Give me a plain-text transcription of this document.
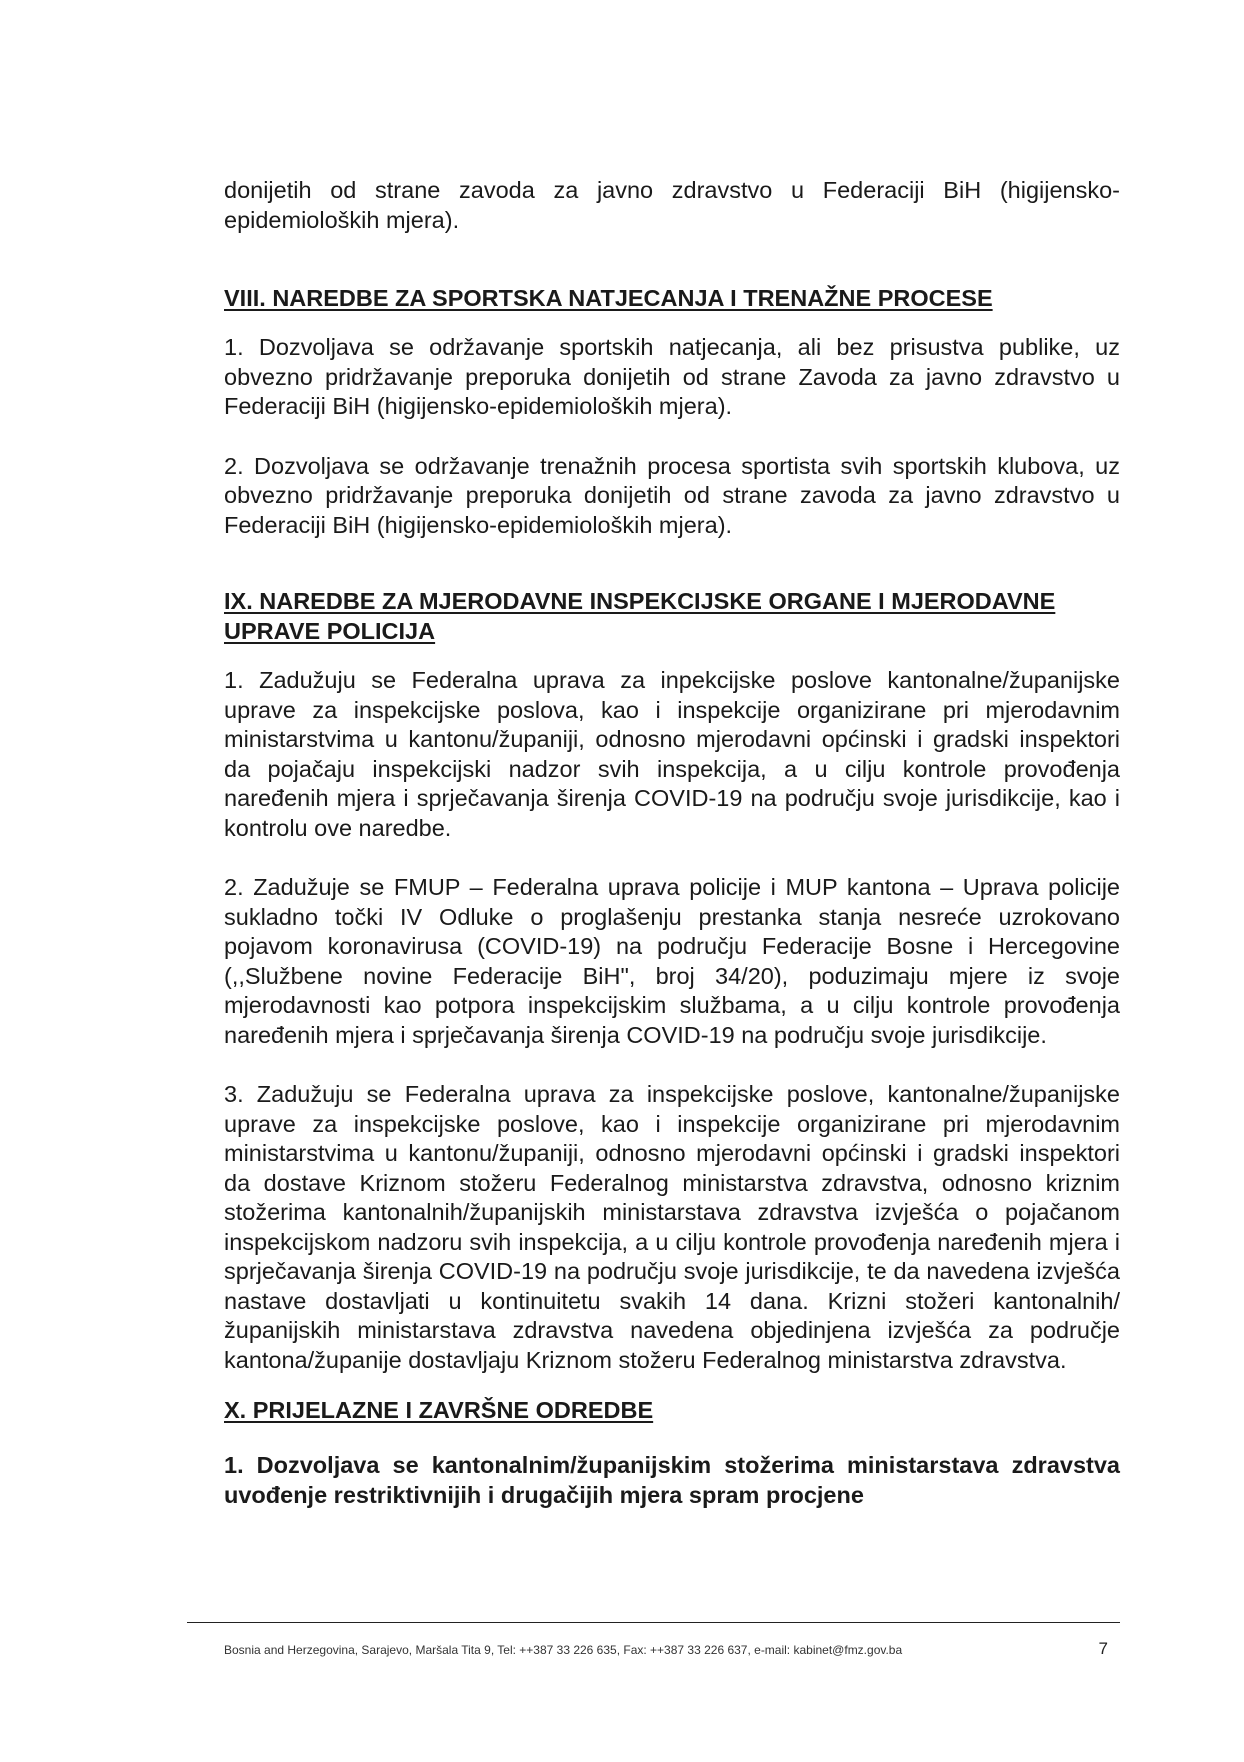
donijetih od strane zavoda za javno zdravstvo u Federaciji BiH (higijensko-epidemioloških mjera).

VIII. NAREDBE ZA SPORTSKA NATJECANJA I TRENAŽNE PROCESE

1. Dozvoljava se održavanje sportskih natjecanja, ali bez prisustva publike, uz obvezno pridržavanje preporuka donijetih od strane Zavoda za javno zdravstvo u Federaciji BiH (higijensko-epidemioloških mjera).

2. Dozvoljava se održavanje trenažnih procesa sportista svih sportskih klubova, uz obvezno pridržavanje preporuka donijetih od strane zavoda za javno zdravstvo u Federaciji BiH (higijensko-epidemioloških mjera).

IX. NAREDBE ZA MJERODAVNE INSPEKCIJSKE ORGANE I MJERODAVNE UPRAVE POLICIJA

1. Zadužuju se Federalna uprava za inpekcijske poslove kantonalne/županijske uprave za inspekcijske poslova, kao i inspekcije organizirane pri mjerodavnim ministarstvima u kantonu/županiji, odnosno mjerodavni općinski i gradski inspektori da pojačaju inspekcijski nadzor svih inspekcija, a u cilju kontrole provođenja naređenih mjera i sprječavanja širenja COVID-19 na području svoje jurisdikcije, kao i kontrolu ove naredbe.

2. Zadužuje se FMUP – Federalna uprava policije i MUP kantona – Uprava policije sukladno točki IV Odluke o proglašenju prestanka stanja nesreće uzrokovano pojavom koronavirusa (COVID-19) na području Federacije Bosne i Hercegovine (,,Službene novine Federacije BiH", broj 34/20), poduzimaju mjere iz svoje mjerodavnosti kao potpora inspekcijskim službama, a u cilju kontrole provođenja naređenih mjera i sprječavanja širenja COVID-19 na području svoje jurisdikcije.

3. Zadužuju se Federalna uprava za inspekcijske poslove, kantonalne/županijske uprave za inspekcijske poslove, kao i inspekcije organizirane pri mjerodavnim ministarstvima u kantonu/županiji, odnosno mjerodavni općinski i gradski inspektori da dostave Kriznom stožeru Federalnog ministarstva zdravstva, odnosno kriznim stožerima kantonalnih/županijskih ministarstava zdravstva izvješća o pojačanom inspekcijskom nadzoru svih inspekcija, a u cilju kontrole provođenja naređenih mjera i sprječavanja širenja COVID-19 na području svoje jurisdikcije, te da navedena izvješća nastave dostavljati u kontinuitetu svakih 14 dana. Krizni stožeri kantonalnih/županijskih ministarstava zdravstva navedena objedinjena izvješća za područje kantona/županije dostavljaju Kriznom stožeru Federalnog ministarstva zdravstva.

X. PRIJELAZNE I ZAVRŠNE ODREDBE

1. Dozvoljava se kantonalnim/županijskim stožerima ministarstava zdravstva uvođenje restriktivnijih i drugačijih mjera spram procjene

Bosnia and Herzegovina, Sarajevo, Maršala Tita 9, Tel: ++387 33 226 635, Fax: ++387 33 226 637, e-mail: kabinet@fmz.gov.ba	7
